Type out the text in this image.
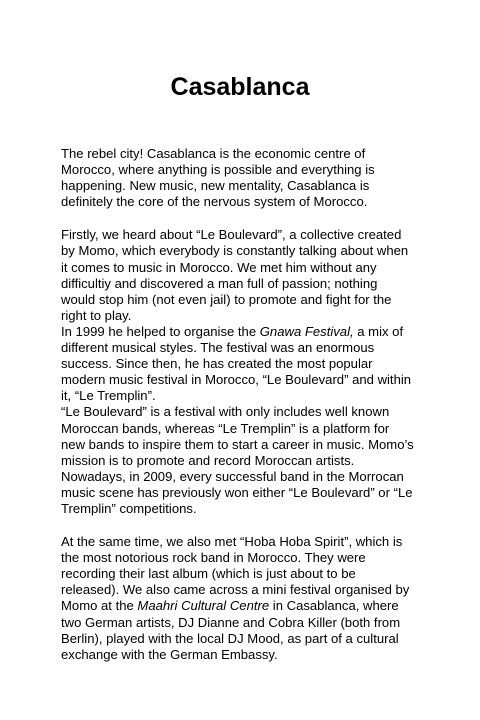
Casablanca

The rebel city! Casablanca is the economic centre of

Morocco, where anything is possible and everything is

happening. New music, new mentality, Casablanca is

definitely the core of the nervous system of Morocco.

Firstly, we heard about “Le Boulevard”, a collective created

by Momo, which everybody is constantly talking about when

it comes to music in Morocco. We met him without any

difficultiy and discovered a man full of passion; nothing

would stop him (not even jail) to promote and fight for the

right to play.

In 1999 he helped to organise the Gnawa Festival, a mix of

different musical styles. The festival was an enormous

success. Since then, he has created the most popular

modern music festival in Morocco, “Le Boulevard” and within

it, “Le Tremplin”.

“Le Boulevard” is a festival with only includes well known

Moroccan bands, whereas “Le Tremplin” is a platform for

new bands to inspire them to start a career in music. Momo’s

mission is to promote and record Moroccan artists.

Nowadays, in 2009, every successful band in the Morrocan

music scene has previously won either “Le Boulevard” or “Le

Tremplin” competitions.

At the same time, we also met “Hoba Hoba Spirit”, which is

the most notorious rock band in Morocco. They were

recording their last album (which is just about to be

released). We also came across a mini festival organised by

Momo at the Maahri Cultural Centre in Casablanca, where

two German artists, DJ Dianne and Cobra Killer (both from

Berlin), played with the local DJ Mood, as part of a cultural

exchange with the German Embassy.
